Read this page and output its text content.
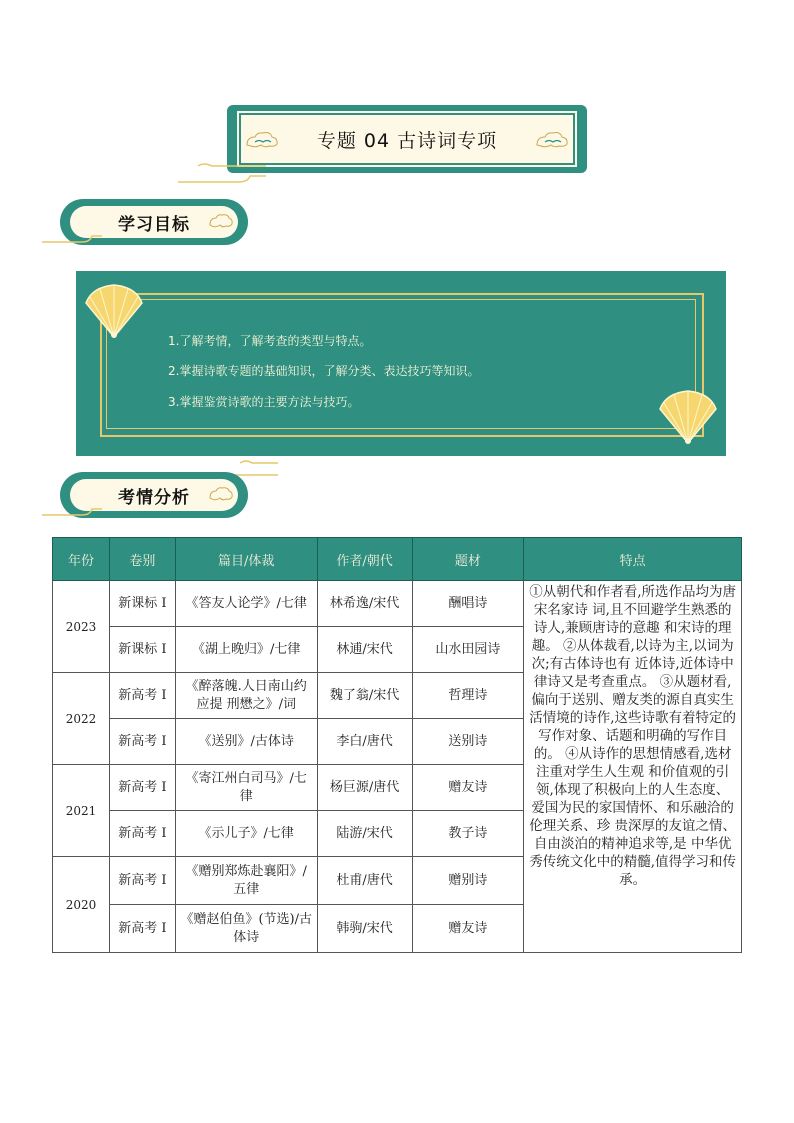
专题 04 古诗词专项
学习目标
1.了解考情，了解考查的类型与特点。
2.掌握诗歌专题的基础知识，了解分类、表达技巧等知识。
3.掌握鉴赏诗歌的主要方法与技巧。
考情分析
年份	卷别	篇目/体裁	作者/朝代	题材	特点
2023	新课标 I	《答友人论学》/七律	林希逸/宋代	酬唱诗	①从朝代和作者看,所选作品均为唐宋名家诗 词,且不回避学生熟悉的诗人,兼顾唐诗的意趣 和宋诗的理趣。 ②从体裁看,以诗为主,以词为次;有古体诗也有 近体诗,近体诗中律诗又是考查重点。 ③从题材看,偏向于送别、赠友类的源自真实生 活情境的诗作,这些诗歌有着特定的写作对象、话题和明确的写作目的。 ④从诗作的思想情感看,选材注重对学生人生观 和价值观的引领,体现了积极向上的人生态度、 爱国为民的家国情怀、和乐融洽的伦理关系、珍 贵深厚的友谊之情、自由淡泊的精神追求等,是 中华优秀传统文化中的精髓,值得学习和传承。
	新课标 I	《湖上晚归》/七律	林逋/宋代	山水田园诗	
2022	新高考 I	《醉落魄.人日南山约应提 刑懋之》/词	魏了翁/宋代	哲理诗	
	新高考 I	《送别》/古体诗	李白/唐代	送别诗	
2021	新高考 I	《寄江州白司马》/七律	杨巨源/唐代	赠友诗	
	新高考 I	《示儿子》/七律	陆游/宋代	教子诗	
2020	新高考 I	《赠别郑炼赴襄阳》/五律	杜甫/唐代	赠别诗	
	新高考 I	《赠赵伯鱼》(节选)/古体诗	韩驹/宋代	赠友诗	
